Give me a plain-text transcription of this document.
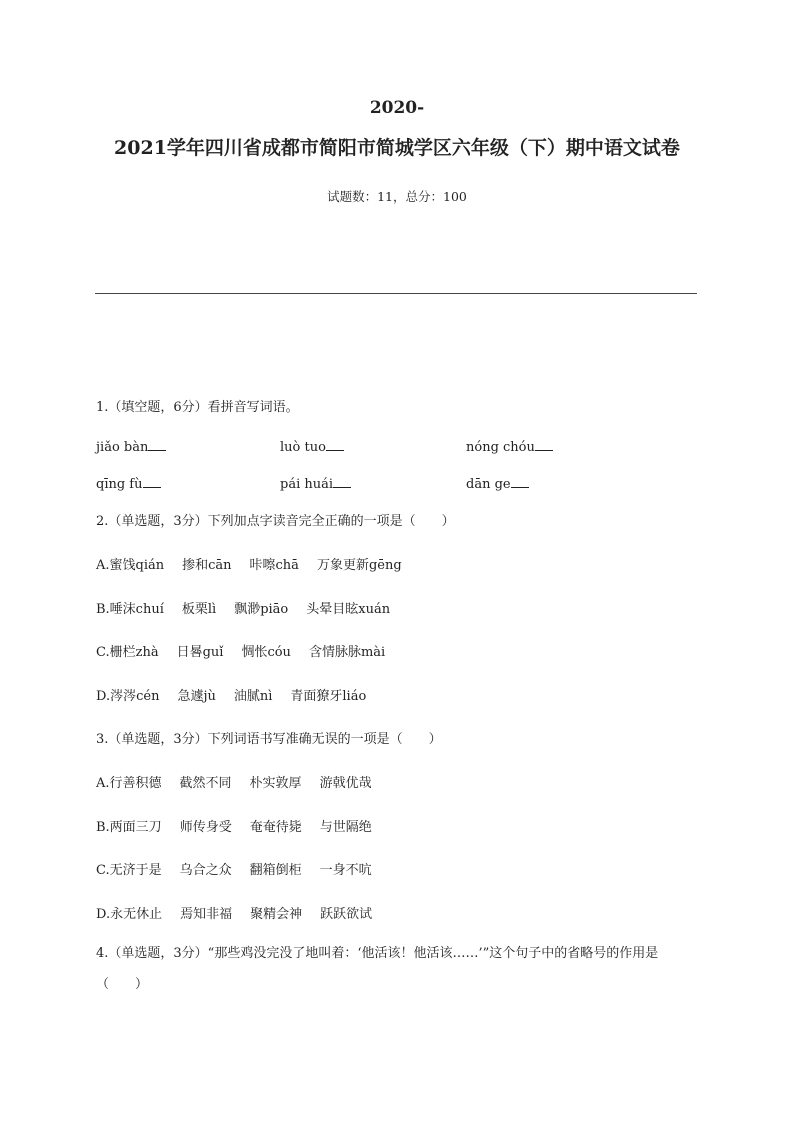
2020-
2021学年四川省成都市简阳市简城学区六年级（下）期中语文试卷
试题数：11，总分：100
1.（填空题，6分）看拼音写词语。
jiǎo bàn	luò tuo	nóng chóu
qīng fù	pái huái	dān ge
2.（单选题，3分）下列加点字读音完全正确的一项是（　　）
A.蜜饯qián 掺和cān 咔嚓chā 万象更新gēng
B.唾沫chuí 板栗lì 飘渺piāo 头晕目眩xuán
C.栅栏zhà 日晷guǐ 惆怅cóu 含情脉脉mài
D.涔涔cén 急遽jù 油腻nì 青面獠牙liáo
3.（单选题，3分）下列词语书写准确无误的一项是（　　）
A.行善积德 截然不同 朴实敦厚 游戟优哉
B.两面三刀 师传身受 奄奄待毙 与世隔绝
C.无济于是 乌合之众 翻箱倒柜 一身不吭
D.永无休止 焉知非福 聚精会神 跃跃欲试
4.（单选题，3分）“那些鸡没完没了地叫着：‘他活该！他活该……’”这个句子中的省略号的作用是（　　）
